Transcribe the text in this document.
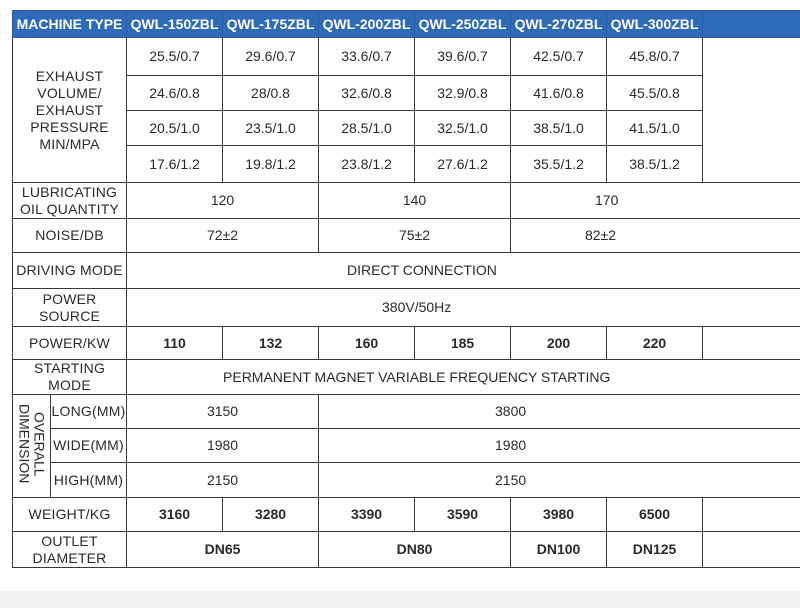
MACHINE TYPE		QWL-150ZBL	QWL-175ZBL	QWL-200ZBL	QWL-250ZBL	QWL-270ZBL	QWL-300ZBL	
EXHAUST
VOLUME/
EXHAUST
PRESSURE
MIN/MPA		25.5/0.7	29.6/0.7	33.6/0.7	39.6/0.7	42.5/0.7	45.8/0.7	
		24.6/0.8	28/0.8	32.6/0.8	32.9/0.8	41.6/0.8	45.5/0.8	
		20.5/1.0	23.5/1.0	28.5/1.0	32.5/1.0	38.5/1.0	41.5/1.0	
		17.6/1.2	19.8/1.2	23.8/1.2	27.6/1.2	35.5/1.2	38.5/1.2	
LUBRICATING
OIL QUANTITY		120		140		170		
NOISE/DB		72±2		75±2		82±2		
DRIVING MODE		DIRECT CONNECTION						
POWER SOURCE		380V/50Hz						
POWER/KW		110	132	160	185	200	220	
STARTING MODE		PERMANENT MAGNET VARIABLE FREQUENCY STARTING						
OVERALL
DIMENSION	LONG(MM)	3150		3800				
	WIDE(MM)	1980		1980				
	HIGH(MM)	2150		2150				
WEIGHT/KG		3160	3280	3390	3590	3980	6500	
OUTLET
DIAMETER		DN65		DN80		DN100	DN125	
